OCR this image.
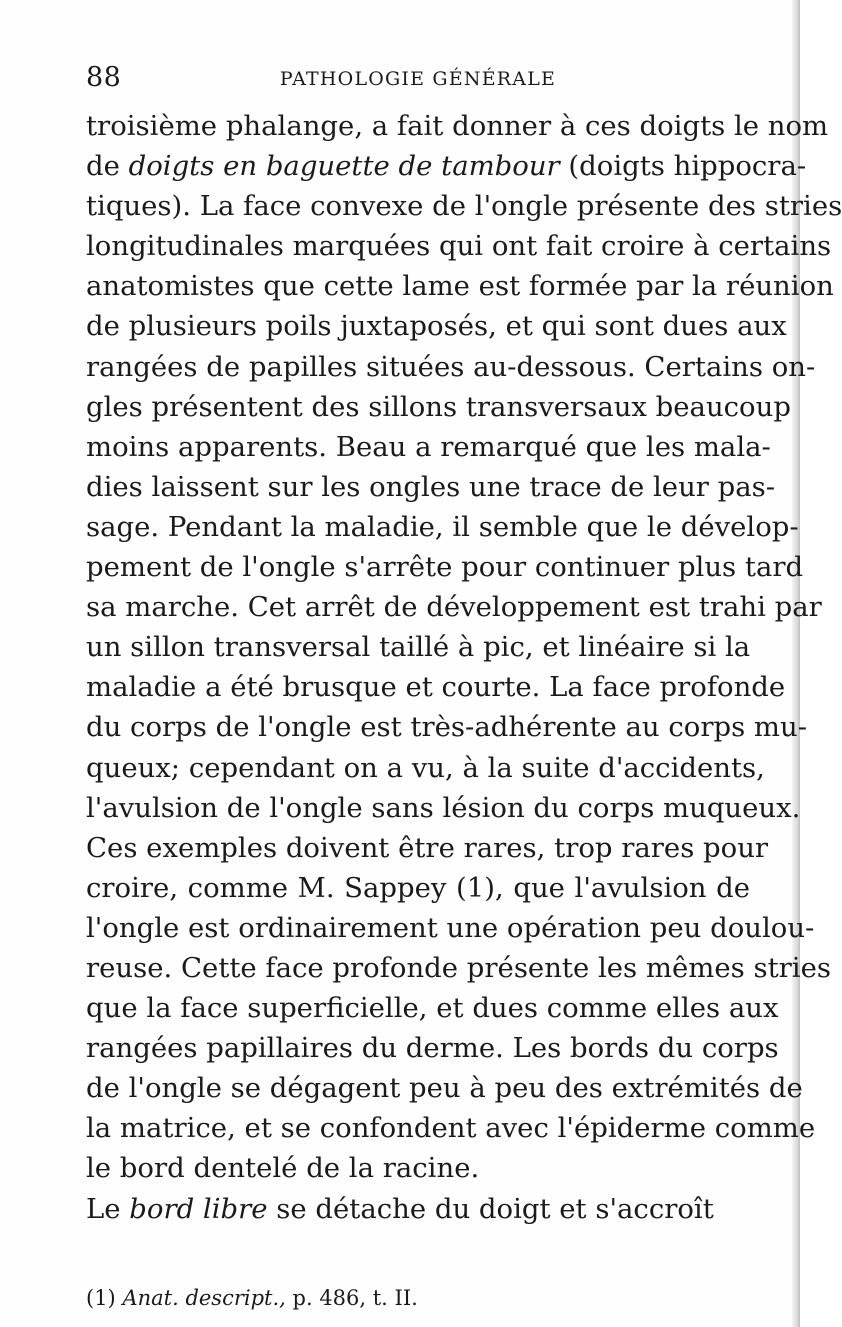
88	PATHOLOGIE GÉNÉRALE
troisième phalange, a fait donner à ces doigts le nom
de doigts en baguette de tambour (doigts hippocra-
tiques). La face convexe de l'ongle présente des stries
longitudinales marquées qui ont fait croire à certains
anatomistes que cette lame est formée par la réunion
de plusieurs poils juxtaposés, et qui sont dues aux
rangées de papilles situées au-dessous. Certains on-
gles présentent des sillons transversaux beaucoup
moins apparents. Beau a remarqué que les mala-
dies laissent sur les ongles une trace de leur pas-
sage. Pendant la maladie, il semble que le dévelop-
pement de l'ongle s'arrête pour continuer plus tard
sa marche. Cet arrêt de développement est trahi par
un sillon transversal taillé à pic, et linéaire si la
maladie a été brusque et courte. La face profonde
du corps de l'ongle est très-adhérente au corps mu-
queux; cependant on a vu, à la suite d'accidents,
l'avulsion de l'ongle sans lésion du corps muqueux.
Ces exemples doivent être rares, trop rares pour
croire, comme M. Sappey (1), que l'avulsion de
l'ongle est ordinairement une opération peu doulou-
reuse. Cette face profonde présente les mêmes stries
que la face superficielle, et dues comme elles aux
rangées papillaires du derme. Les bords du corps
de l'ongle se dégagent peu à peu des extrémités de
la matrice, et se confondent avec l'épiderme comme
le bord dentelé de la racine.
Le bord libre se détache du doigt et s'accroît
(1) Anat. descript., p. 486, t. II.
